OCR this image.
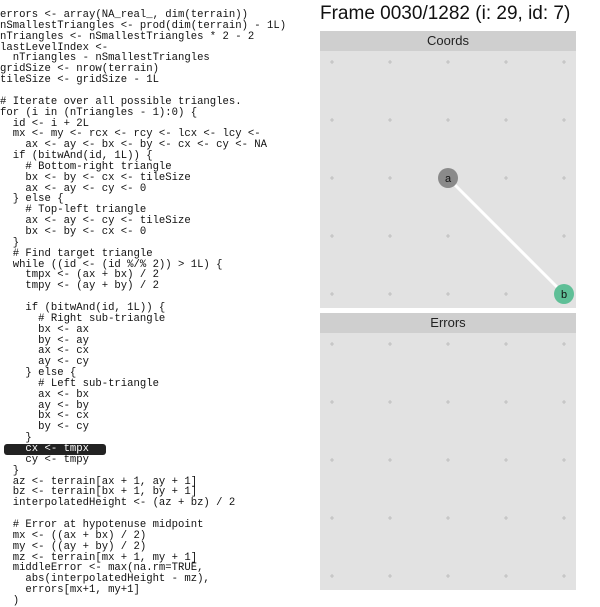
errors <- array(NA_real_, dim(terrain))
nSmallestTriangles <- prod(dim(terrain) - 1L)
nTriangles <- nSmallestTriangles * 2 - 2
lastLevelIndex <-
nTriangles - nSmallestTriangles
gridSize <- nrow(terrain)
tileSize <- gridSize - 1L
# Iterate over all possible triangles.
for (i in (nTriangles - 1):0) {
id <- i + 2L
mx <- my <- rcx <- rcy <- lcx <- lcy <-
ax <- ay <- bx <- by <- cx <- cy <- NA
if (bitwAnd(id, 1L)) {
# Bottom-right triangle
bx <- by <- cx <- tileSize
ax <- ay <- cy <- 0
} else {
# Top-left triangle
ax <- ay <- cy <- tileSize
bx <- by <- cx <- 0
}
# Find target triangle
while ((id <- (id %/% 2)) > 1L) {
tmpx <- (ax + bx) / 2
tmpy <- (ay + by) / 2
if (bitwAnd(id, 1L)) {
# Right sub-triangle
bx <- ax
by <- ay
ax <- cx
ay <- cy
} else {
# Left sub-triangle
ax <- bx
ay <- by
bx <- cx
by <- cy
}
cx <- tmpx
cy <- tmpy
}
az <- terrain[ax + 1, ay + 1]
bz <- terrain[bx + 1, by + 1]
interpolatedHeight <- (az + bz) / 2
# Error at hypotenuse midpoint
mx <- ((ax + bx) / 2)
my <- ((ay + by) / 2)
mz <- terrain[mx + 1, my + 1]
middleError <- max(na.rm=TRUE,
abs(interpolatedHeight - mz),
errors[mx+1, my+1]
)
Frame 0030/1282 (i: 29, id: 7)
Coords
a
b
Errors
